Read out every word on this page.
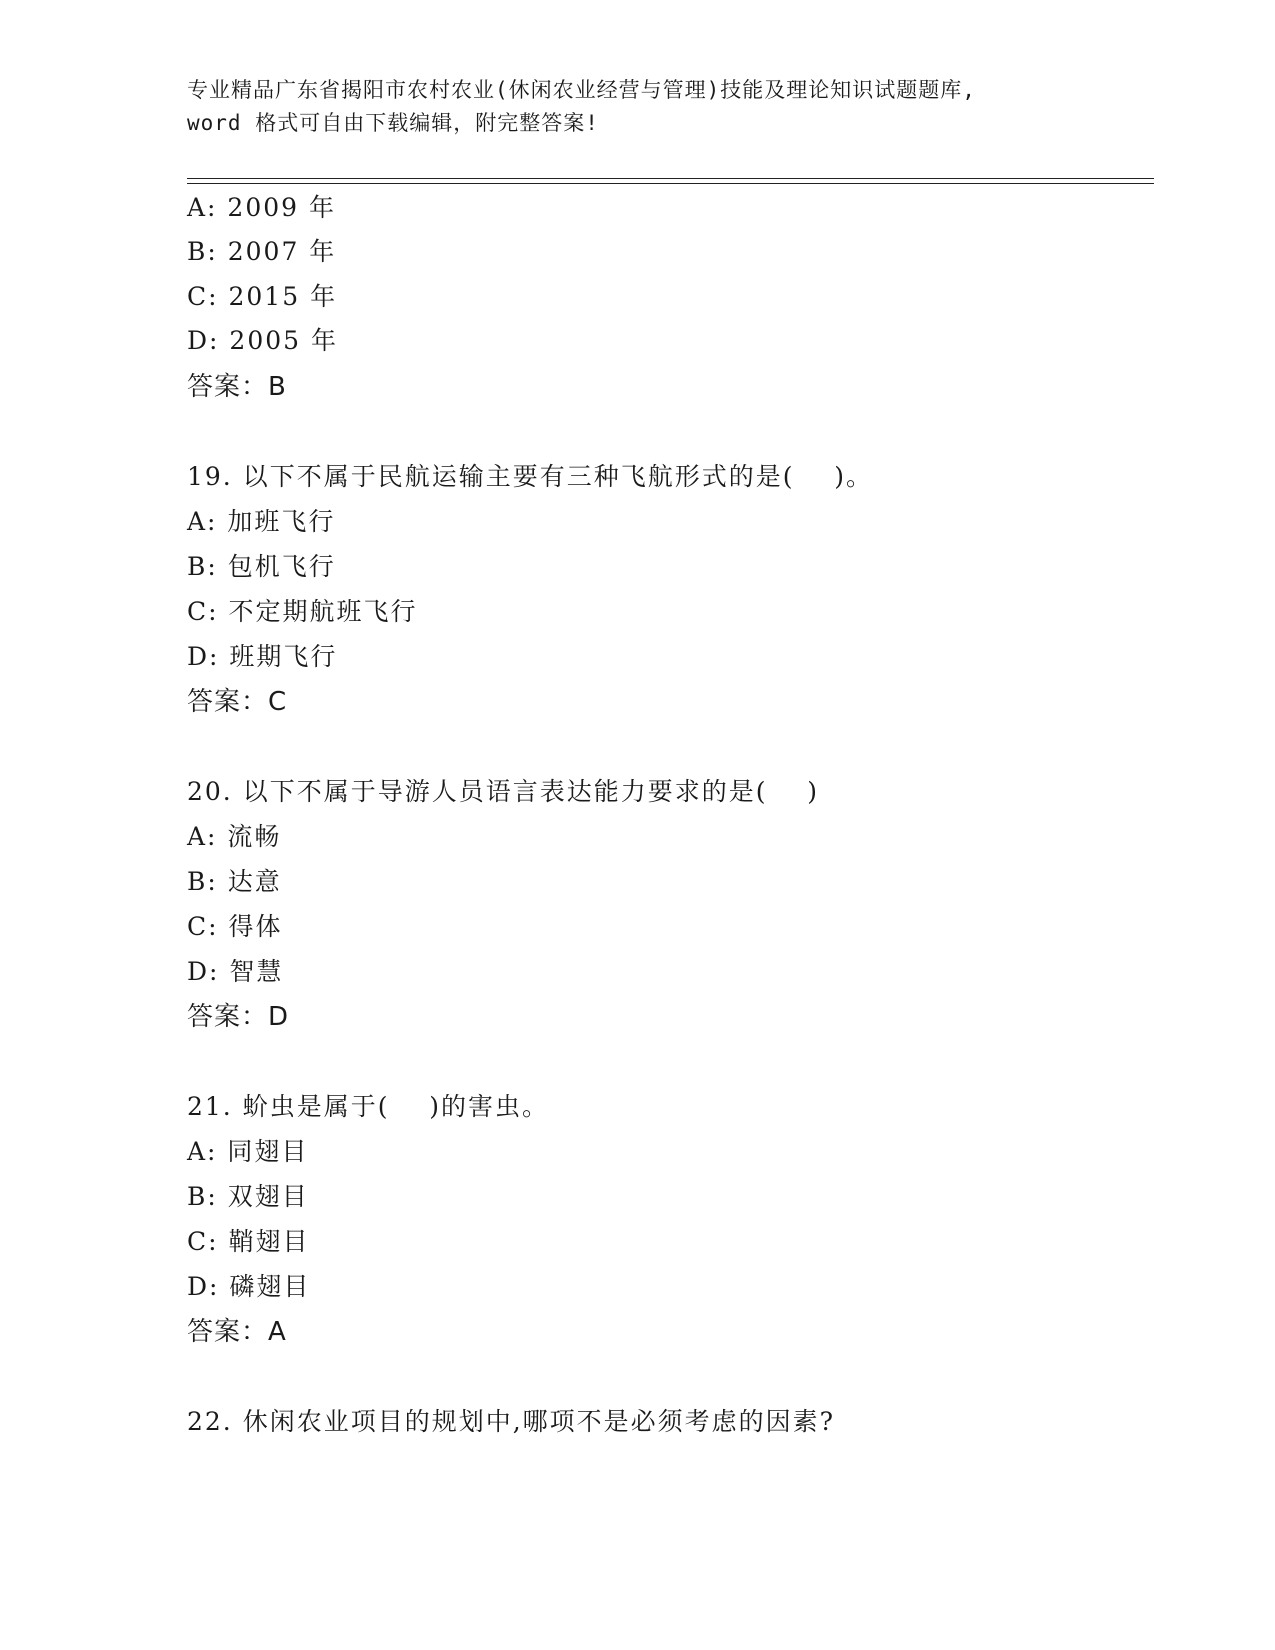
专业精品广东省揭阳市农村农业(休闲农业经营与管理)技能及理论知识试题题库,
word 格式可自由下载编辑，附完整答案!
A: 2009 年
B: 2007 年
C: 2015 年
D: 2005 年
答案：B
19. 以下不属于民航运输主要有三种飞航形式的是(    )。
A: 加班飞行
B: 包机飞行
C: 不定期航班飞行
D: 班期飞行
答案：C
20. 以下不属于导游人员语言表达能力要求的是(    )
A: 流畅
B: 达意
C: 得体
D: 智慧
答案：D
21. 蚧虫是属于(    )的害虫。
A: 同翅目
B: 双翅目
C: 鞘翅目
D: 磷翅目
答案：A
22. 休闲农业项目的规划中,哪项不是必须考虑的因素?
